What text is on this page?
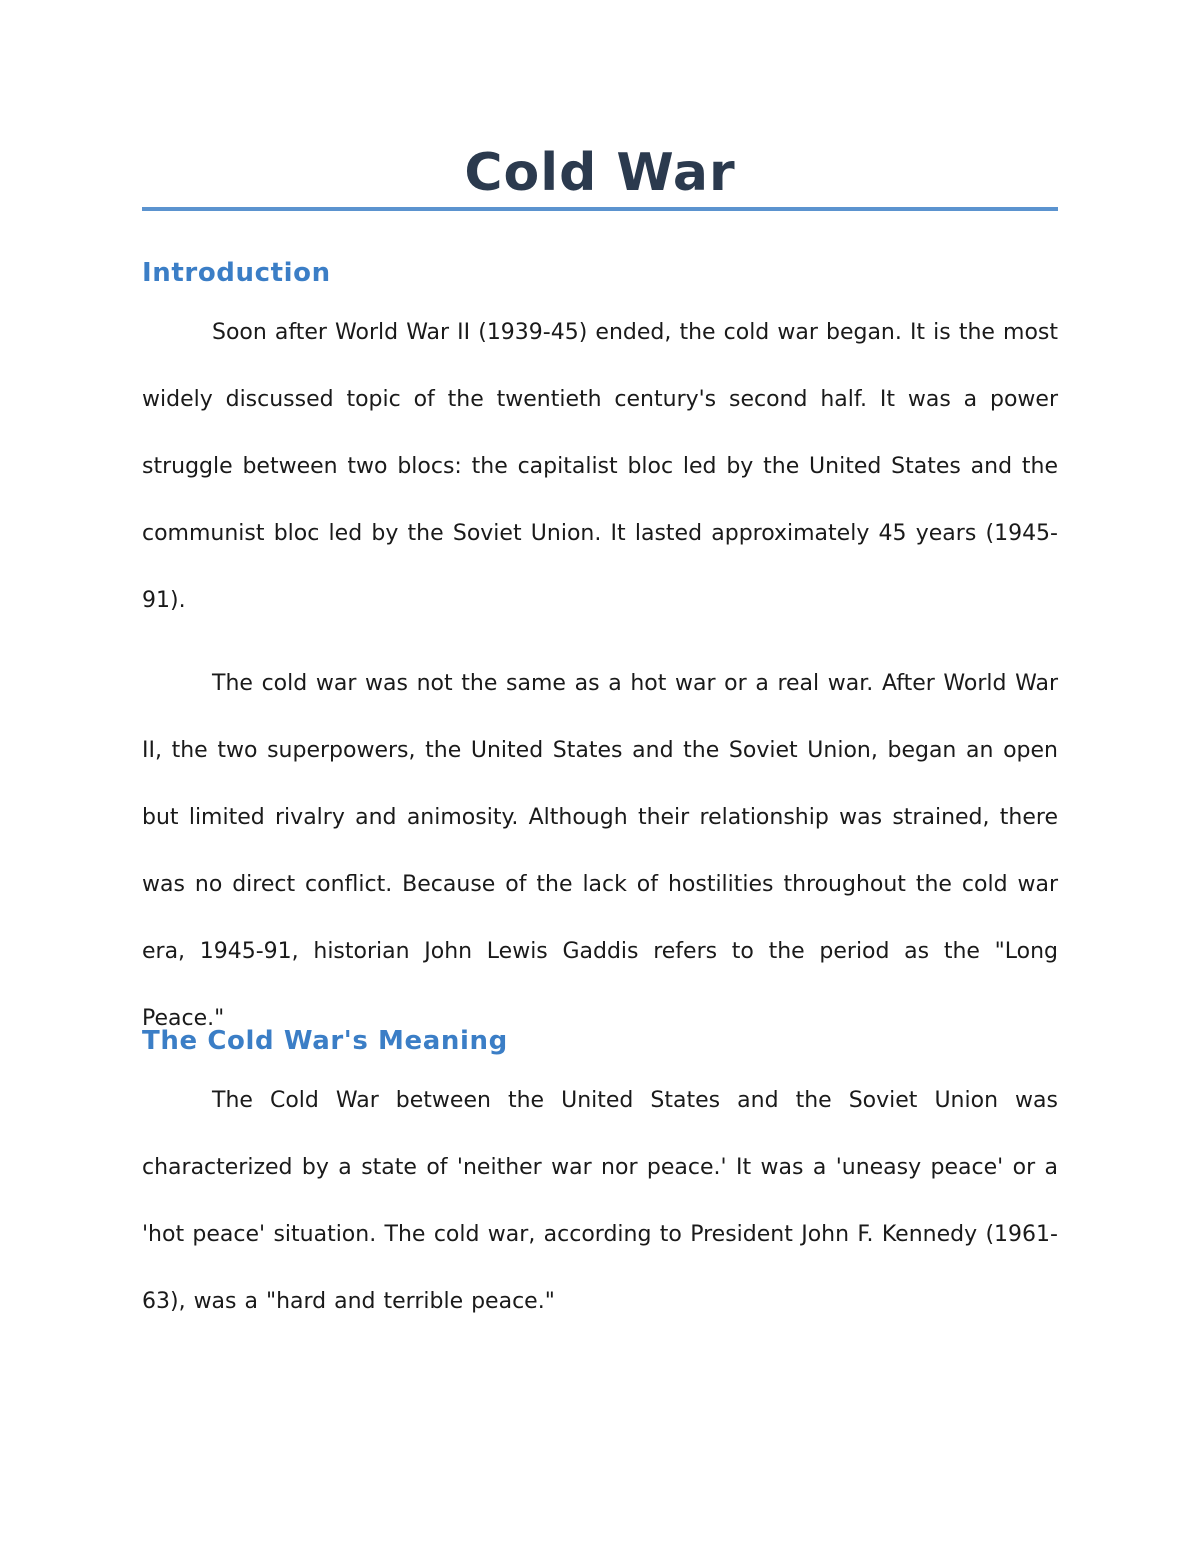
Cold War
Introduction

Soon after World War II (1939-45) ended, the cold war began. It is the most widely discussed topic of the twentieth century's second half. It was a power struggle between two blocs: the capitalist bloc led by the United States and the communist bloc led by the Soviet Union. It lasted approximately 45 years (1945-91).

The cold war was not the same as a hot war or a real war. After World War II, the two superpowers, the United States and the Soviet Union, began an open but limited rivalry and animosity. Although their relationship was strained, there was no direct conflict. Because of the lack of hostilities throughout the cold war era, 1945-91, historian John Lewis Gaddis refers to the period as the "Long Peace."

The Cold War's Meaning

The Cold War between the United States and the Soviet Union was characterized by a state of 'neither war nor peace.' It was a 'uneasy peace' or a 'hot peace' situation. The cold war, according to President John F. Kennedy (1961-63), was a "hard and terrible peace."
